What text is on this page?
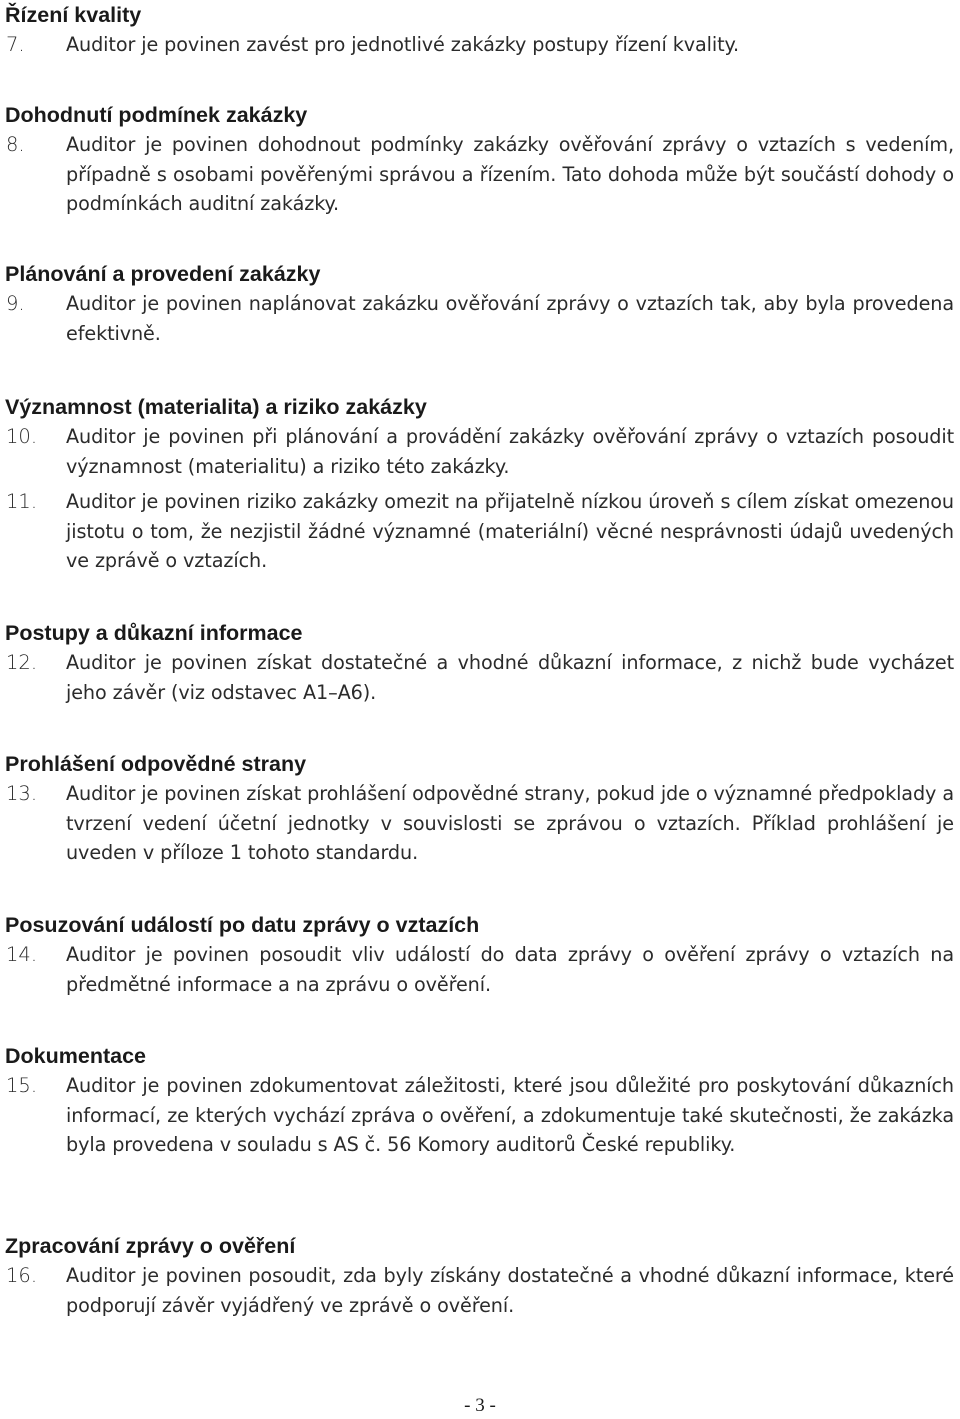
Řízení kvality
7.	Auditor je povinen zavést pro jednotlivé zakázky postupy řízení kvality.
Dohodnutí podmínek zakázky
8.	Auditor je povinen dohodnout podmínky zakázky ověřování zprávy o vztazích s vedením, případně s osobami pověřenými správou a řízením. Tato dohoda může být součástí dohody o podmínkách auditní zakázky.
Plánování a provedení zakázky
9.	Auditor je povinen naplánovat zakázku ověřování zprávy o vztazích tak, aby byla provedena efektivně.
Významnost (materialita) a riziko zakázky
10.	Auditor je povinen při plánování a provádění zakázky ověřování zprávy o vztazích posoudit významnost (materialitu) a riziko této zakázky.
11.	Auditor je povinen riziko zakázky omezit na přijatelně nízkou úroveň s cílem získat omezenou jistotu o tom, že nezjistil žádné významné (materiální) věcné nesprávnosti údajů uvedených ve zprávě o vztazích.
Postupy a důkazní informace
12.	Auditor je povinen získat dostatečné a vhodné důkazní informace, z nichž bude vycházet jeho závěr (viz odstavec A1–A6).
Prohlášení odpovědné strany
13.	Auditor je povinen získat prohlášení odpovědné strany, pokud jde o významné předpoklady a tvrzení vedení účetní jednotky v souvislosti se zprávou o vztazích. Příklad prohlášení je uveden v příloze 1 tohoto standardu.
Posuzování událostí po datu zprávy o vztazích
14.	Auditor je povinen posoudit vliv událostí do data zprávy o ověření zprávy o vztazích na předmětné informace a na zprávu o ověření.
Dokumentace
15.	Auditor je povinen zdokumentovat záležitosti, které jsou důležité pro poskytování důkazních informací, ze kterých vychází zpráva o ověření, a zdokumentuje také skutečnosti, že zakázka byla provedena v souladu s AS č. 56 Komory auditorů České republiky.
Zpracování zprávy o ověření
16.	Auditor je povinen posoudit, zda byly získány dostatečné a vhodné důkazní informace, které podporují závěr vyjádřený ve zprávě o ověření.
- 3 -
